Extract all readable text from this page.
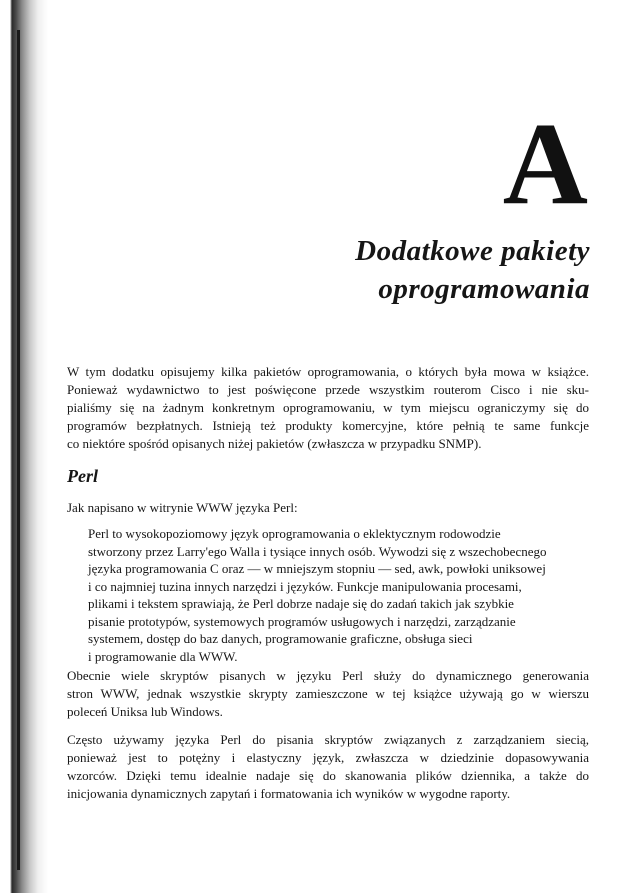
A
Dodatkowe pakiety
oprogramowania

W tym dodatku opisujemy kilka pakietów oprogramowania, o których była mowa w książce.
Ponieważ wydawnictwo to jest poświęcone przede wszystkim routerom Cisco i nie sku-
pialiśmy się na żadnym konkretnym oprogramowaniu, w tym miejscu ograniczymy się do
programów bezpłatnych. Istnieją też produkty komercyjne, które pełnią te same funkcje
co niektóre spośród opisanych niżej pakietów (zwłaszcza w przypadku SNMP).

Perl

Jak napisano w witrynie WWW języka Perl:

Perl to wysokopoziomowy język oprogramowania o eklektycznym rodowodzie
stworzony przez Larry'ego Walla i tysiące innych osób. Wywodzi się z wszechobecnego
języka programowania C oraz — w mniejszym stopniu — sed, awk, powłoki uniksowej
i co najmniej tuzina innych narzędzi i języków. Funkcje manipulowania procesami,
plikami i tekstem sprawiają, że Perl dobrze nadaje się do zadań takich jak szybkie
pisanie prototypów, systemowych programów usługowych i narzędzi, zarządzanie
systemem, dostęp do baz danych, programowanie graficzne, obsługa sieci
i programowanie dla WWW.

Obecnie wiele skryptów pisanych w języku Perl służy do dynamicznego generowania
stron WWW, jednak wszystkie skrypty zamieszczone w tej książce używają go w wierszu
poleceń Uniksa lub Windows.

Często używamy języka Perl do pisania skryptów związanych z zarządzaniem siecią,
ponieważ jest to potężny i elastyczny język, zwłaszcza w dziedzinie dopasowywania
wzorców. Dzięki temu idealnie nadaje się do skanowania plików dziennika, a także do
inicjowania dynamicznych zapytań i formatowania ich wyników w wygodne raporty.
